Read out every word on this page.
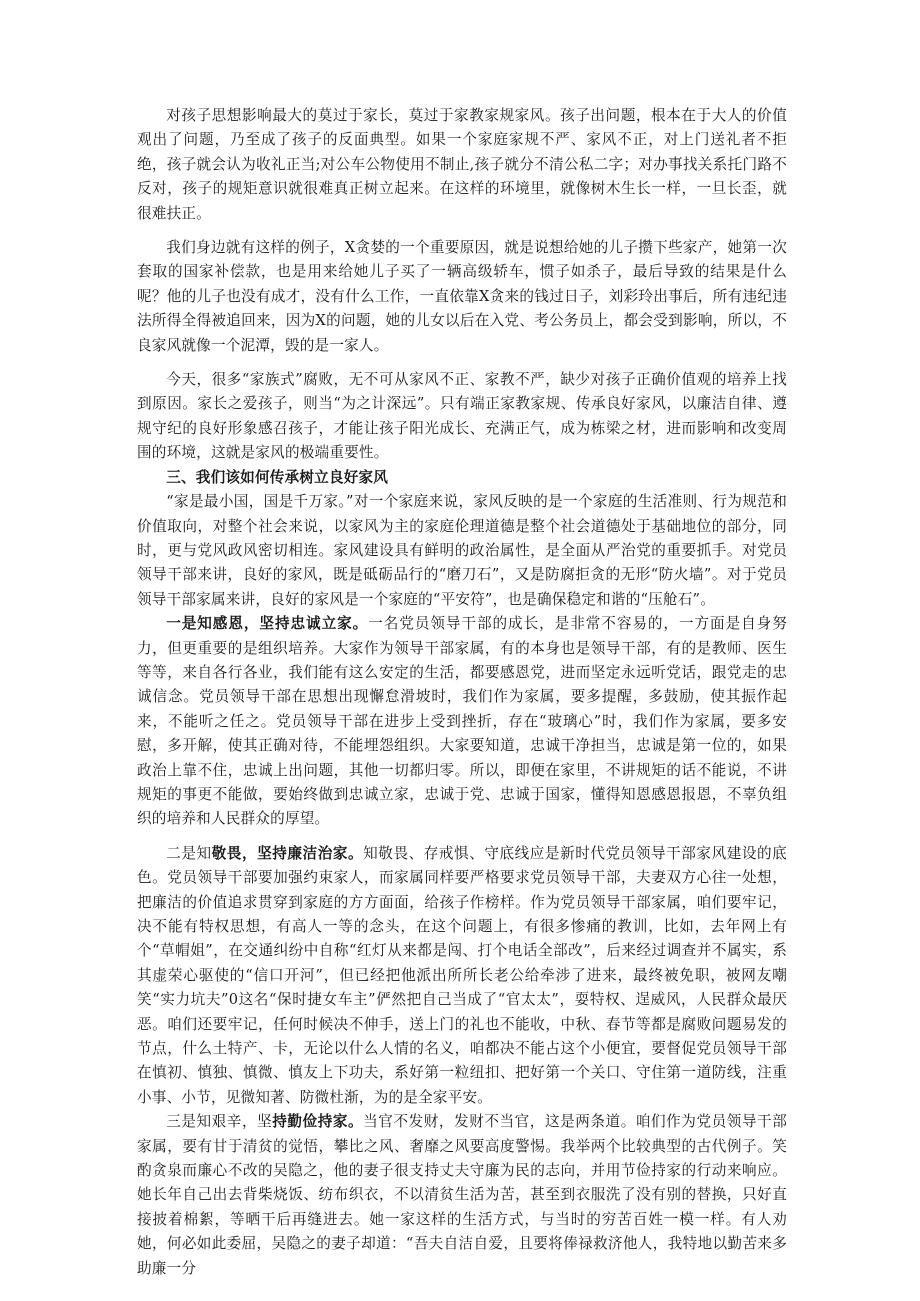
对孩子思想影响最大的莫过于家长，莫过于家教家规家风。孩子出问题，根本在于大人的价值观出了问题，乃至成了孩子的反面典型。如果一个家庭家规不严、家风不正，对上门送礼者不拒绝，孩子就会认为收礼正当;对公车公物使用不制止,孩子就分不清公私二字；对办事找关系托门路不反对，孩子的规矩意识就很难真正树立起来。在这样的环境里，就像树木生长一样，一旦长歪，就很难扶正。

我们身边就有这样的例子，X贪婪的一个重要原因，就是说想给她的儿子攒下些家产，她第一次套取的国家补偿款，也是用来给她儿子买了一辆高级轿车，惯子如杀子，最后导致的结果是什么呢？他的儿子也没有成才，没有什么工作，一直依靠X贪来的钱过日子，刘彩玲出事后，所有违纪违法所得全得被追回来，因为X的问题，她的儿女以后在入党、考公务员上，都会受到影响，所以，不良家风就像一个泥潭，毁的是一家人。

今天，很多“家族式”腐败，无不可从家风不正、家教不严，缺少对孩子正确价值观的培养上找到原因。家长之爱孩子，则当“为之计深远”。只有端正家教家规、传承良好家风，以廉洁自律、遵规守纪的良好形象感召孩子，才能让孩子阳光成长、充满正气，成为栋梁之材，进而影响和改变周围的环境，这就是家风的极端重要性。

三、我们该如何传承树立良好家风

“家是最小国，国是千万家。”对一个家庭来说，家风反映的是一个家庭的生活准则、行为规范和价值取向，对整个社会来说，以家风为主的家庭伦理道德是整个社会道德处于基础地位的部分，同时，更与党风政风密切相连。家风建设具有鲜明的政治属性，是全面从严治党的重要抓手。对党员领导干部来讲，良好的家风，既是砥砺品行的“磨刀石”，又是防腐拒贪的无形“防火墙”。对于党员领导干部家属来讲，良好的家风是一个家庭的“平安符”，也是确保稳定和谐的“压舱石”。

一是知感恩，坚持忠诚立家。一名党员领导干部的成长，是非常不容易的，一方面是自身努力，但更重要的是组织培养。大家作为领导干部家属，有的本身也是领导干部，有的是教师、医生等等，来自各行各业，我们能有这么安定的生活，都要感恩党，进而坚定永远听党话，跟党走的忠诚信念。党员领导干部在思想出现懈怠滑坡时，我们作为家属，要多提醒，多鼓励，使其振作起来，不能听之任之。党员领导干部在进步上受到挫折，存在“玻璃心”时，我们作为家属，要多安慰，多开解，使其正确对待，不能埋怨组织。大家要知道，忠诚干净担当，忠诚是第一位的，如果政治上靠不住，忠诚上出问题，其他一切都归零。所以，即便在家里，不讲规矩的话不能说，不讲规矩的事更不能做，要始终做到忠诚立家，忠诚于党、忠诚于国家，懂得知恩感恩报恩，不辜负组织的培养和人民群众的厚望。

二是知敬畏，坚持廉洁治家。知敬畏、存戒惧、守底线应是新时代党员领导干部家风建设的底色。党员领导干部要加强约束家人，而家属同样要严格要求党员领导干部，夫妻双方心往一处想，把廉洁的价值追求贯穿到家庭的方方面面，给孩子作榜样。作为党员领导干部家属，咱们要牢记，决不能有特权思想，有高人一等的念头，在这个问题上，有很多惨痛的教训，比如，去年网上有个“草帽姐”，在交通纠纷中自称“红灯从来都是闯、打个电话全部改”，后来经过调查并不属实，系其虚荣心驱使的“信口开河”，但已经把他派出所所长老公给牵涉了进来，最终被免职，被网友嘲笑“实力坑夫”0这名“保时捷女车主”俨然把自己当成了“官太太”，耍特权、逞威风，人民群众最厌恶。咱们还要牢记，任何时候决不伸手，送上门的礼也不能收，中秋、春节等都是腐败问题易发的节点，什么土特产、卡，无论以什么人情的名义，咱都决不能占这个小便宜，要督促党员领导干部在慎初、慎独、慎微、慎友上下功夫，系好第一粒纽扣、把好第一个关口、守住第一道防线，注重小事、小节，见微知著、防微杜渐，为的是全家平安。

三是知艰辛，坚持勤俭持家。当官不发财，发财不当官，这是两条道。咱们作为党员领导干部家属，要有甘于清贫的觉悟，攀比之风、奢靡之风要高度警惕。我举两个比较典型的古代例子。笑酌贪泉而廉心不改的吴隐之，他的妻子很支持丈夫守廉为民的志向，并用节俭持家的行动来响应。她长年自己出去背柴烧饭、纺布织衣，不以清贫生活为苦，甚至到衣服洗了没有别的替换，只好直接披着棉絮，等晒干后再缝进去。她一家这样的生活方式，与当时的穷苦百姓一模一样。有人劝她，何必如此委屈，吴隐之的妻子却道：“吾夫自洁自爱，且要将俸禄救济他人，我特地以勤苦来多助廉一分
